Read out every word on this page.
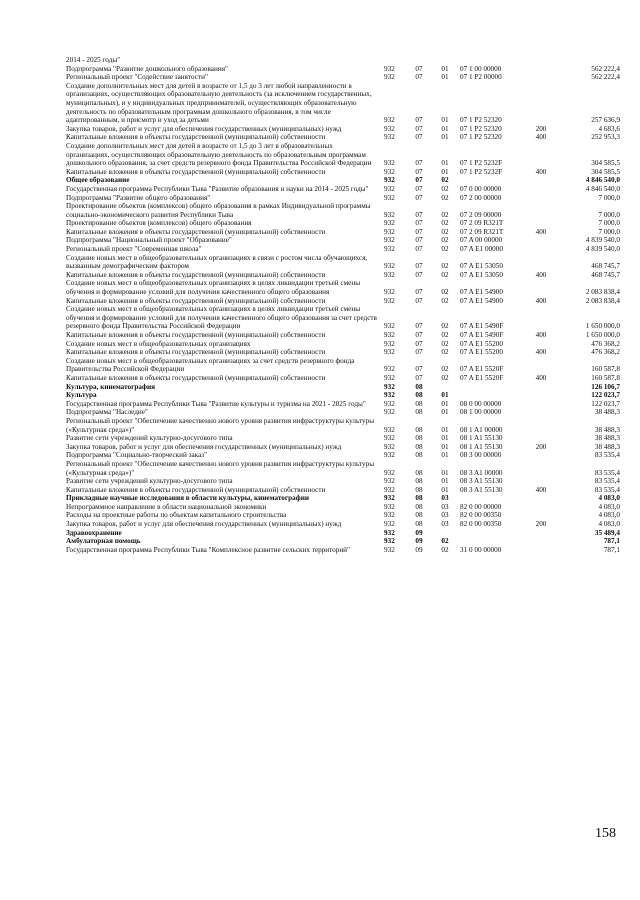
2014 - 2025 годы"						
Подпрограмма "Развитие дошкольного образования"	932	07	01	07 1 00 00000		562 222,4
Региональный проект "Содействие занятости"	932	07	01	07 1 P2 00000		562 222,4
Создание дополнительных мест для детей в возрасте от 1,5 до 3 лет любой направленности в организациях, осуществляющих образовательную деятельность (за исключением государственных, муниципальных), и у индивидуальных предпринимателей, осуществляющих образовательную деятельность по образовательным программам дошкольного образования, в том числе адаптированным, и присмотр и уход за детьми	932	07	01	07 1 P2 52320		257 636,9
Закупка товаров, работ и услуг для обеспечения государственных (муниципальных) нужд	932	07	01	07 1 P2 52320	200	4 683,6
Капитальные вложения в объекты государственной (муниципальной) собственности	932	07	01	07 1 P2 52320	400	252 953,3
Создание дополнительных мест для детей в возрасте от 1,5 до 3 лет в образовательных организациях, осуществляющих образовательную деятельность по образовательным программам дошкольного образования, за счет средств резервного фонда Правительства Российской Федерации	932	07	01	07 1 P2 5232F		304 585,5
Капитальные вложения в объекты государственной (муниципальной) собственности	932	07	01	07 1 P2 5232F	400	304 585,5
Общее образование	932	07	02			4 846 540,0
Государственная программа Республики Тыва "Развитие образования и науки на 2014 - 2025 годы"	932	07	02	07 0 00 00000		4 846 540,0
Подпрограмма "Развитие общего образования"	932	07	02	07 2 00 00000		7 000,0
Проектирование объектов (комплексов) общего образования в рамках Индивидуальной программы социально-экономического развития Республики Тыва	932	07	02	07 2 09 00000		7 000,0
Проектирование объектов (комплексов) общего образования	932	07	02	07 2 09 R321T		7 000,0
Капитальные вложения в объекты государственной (муниципальной) собственности	932	07	02	07 2 09 R321T	400	7 000,0
Подпрограмма "Национальный проект "Образование"	932	07	02	07 A 00 00000		4 839 540,0
Региональный проект "Современная школа"	932	07	02	07 A E1 00000		4 839 540,0
Создание новых мест в общеобразовательных организациях в связи с ростом числа обучающихся, вызванным демографическим фактором	932	07	02	07 A E1 53050		468 745,7
Капитальные вложения в объекты государственной (муниципальной) собственности	932	07	02	07 A E1 53050	400	468 745,7
Создание новых мест в общеобразовательных организациях в целях ликвидации третьей смены обучения и формирование условий для получения качественного общего образования	932	07	02	07 A E1 54900		2 083 838,4
Капитальные вложения в объекты государственной (муниципальной) собственности	932	07	02	07 A E1 54900	400	2 083 838,4
Создание новых мест в общеобразовательных организациях в целях ликвидации третьей смены обучения и формирование условий для получения качественного общего образования за счет средств резервного фонда Правительства Российской Федерации	932	07	02	07 A E1 5490F		1 650 000,0
Капитальные вложения в объекты государственной (муниципальной) собственности	932	07	02	07 A E1 5490F	400	1 650 000,0
Создание новых мест в общеобразовательных организациях	932	07	02	07 A E1 55200		476 368,2
Капитальные вложения в объекты государственной (муниципальной) собственности	932	07	02	07 A E1 55200	400	476 368,2
Создание новых мест в общеобразовательных организациях за счет средств резервного фонда Правительства Российской Федерации	932	07	02	07 A E1 5520F		160 587,8
Капитальные вложения в объекты государственной (муниципальной) собственности	932	07	02	07 A E1 5520F	400	160 587,8
Культура, кинематография	932	08				126 106,7
Культура	932	08	01			122 023,7
Государственная программа Республики Тыва "Развитие культуры и туризма на 2021 - 2025 годы"	932	08	01	08 0 00 00000		122 023,7
Подпрограмма "Наследие"	932	08	01	08 1 00 00000		38 488,3
Региональный проект "Обеспечение качественно нового уровня развития инфраструктуры культуры («Культурная среда»)"	932	08	01	08 1 A1 00000		38 488,3
Развитие сети учреждений культурно-досугового типа	932	08	01	08 1 A1 55130		38 488,3
Закупка товаров, работ и услуг для обеспечения государственных (муниципальных) нужд	932	08	01	08 1 A1 55130	200	38 488,3
Подпрограмма "Социально-творческий заказ"	932	08	01	08 3 00 00000		83 535,4
Региональный проект "Обеспечение качественно нового уровня развития инфраструктуры культуры («Культурная среда»)"	932	08	01	08 3 A1 00000		83 535,4
Развитие сети учреждений культурно-досугового типа	932	08	01	08 3 A1 55130		83 535,4
Капитальные вложения в объекты государственной (муниципальной) собственности	932	08	01	08 3 A1 55130	400	83 535,4
Прикладные научные исследования в области культуры, кинематографии	932	08	03			4 083,0
Непрограммное направление в области национальной экономики	932	08	03	82 0 00 00000		4 083,0
Расходы на проектные работы по объектам капитального строительства	932	08	03	82 0 00 00350		4 083,0
Закупка товаров, работ и услуг для обеспечения государственных (муниципальных) нужд	932	08	03	82 0 00 00350	200	4 083,0
Здравоохранение	932	09				35 489,4
Амбулаторная помощь	932	09	02			787,1
Государственная программа Республики Тыва "Комплексное развитие сельских территорий"	932	09	02	31 0 00 00000		787,1
158
